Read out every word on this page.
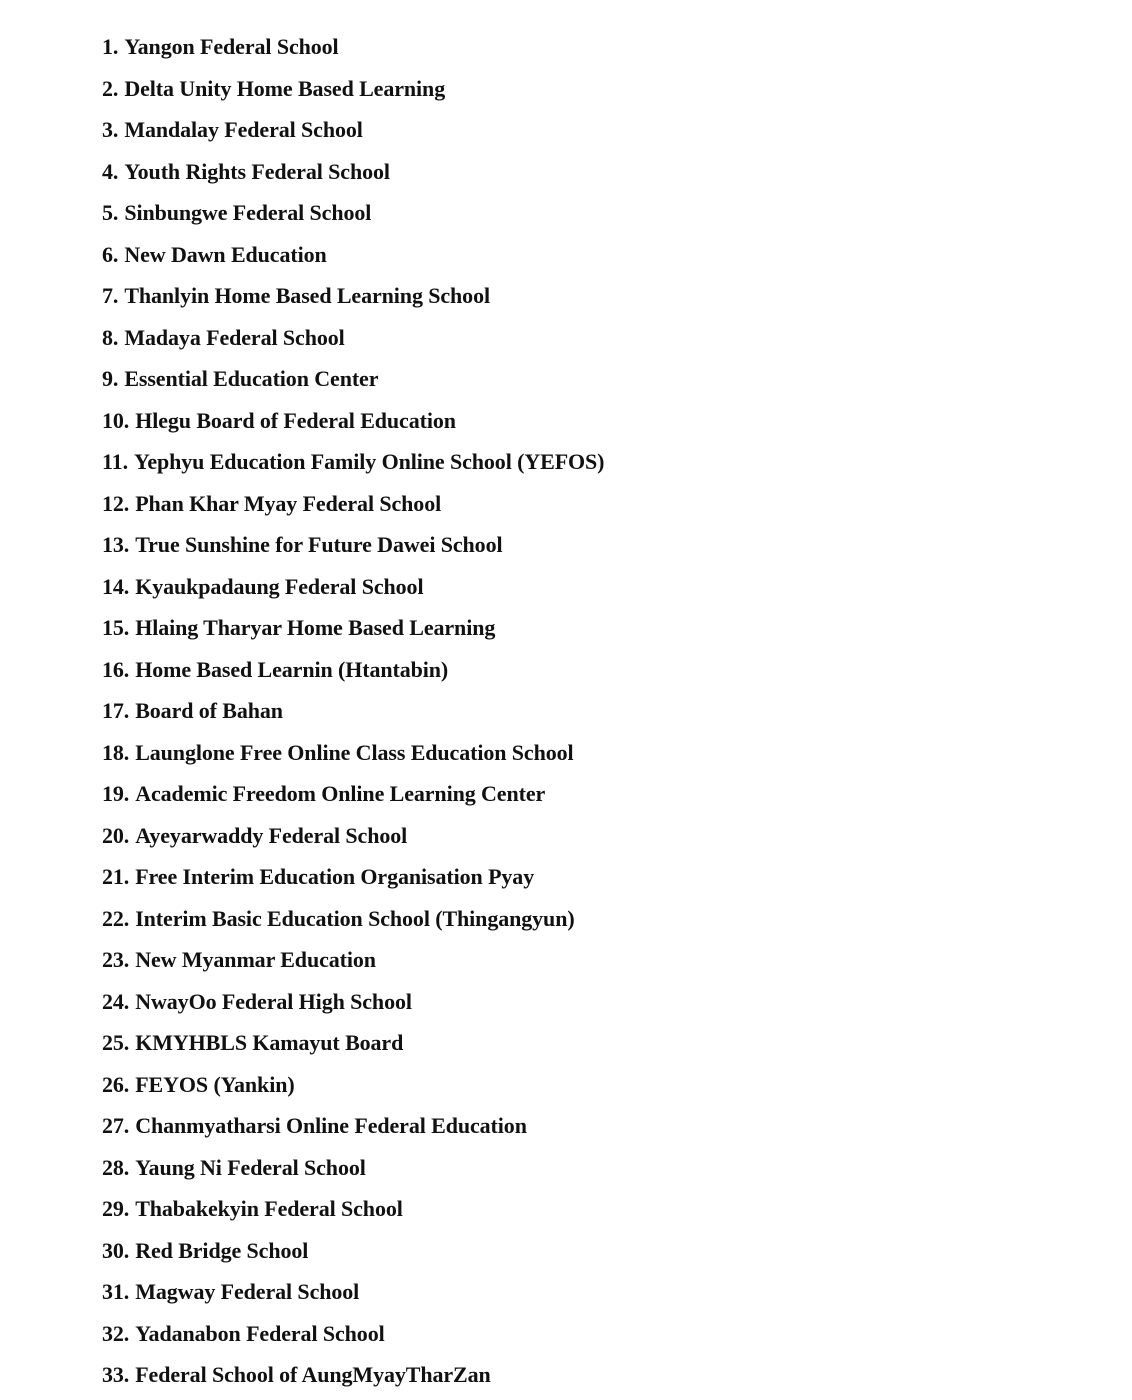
1. Yangon Federal School
2. Delta Unity Home Based Learning
3. Mandalay Federal School
4. Youth Rights Federal School
5. Sinbungwe Federal School
6. New Dawn Education
7. Thanlyin Home Based Learning School
8. Madaya Federal School
9. Essential Education Center
10. Hlegu Board of Federal Education
11. Yephyu Education Family Online School (YEFOS)
12. Phan Khar Myay Federal School
13. True Sunshine for Future Dawei School
14. Kyaukpadaung Federal School
15. Hlaing Tharyar Home Based Learning
16. Home Based Learnin (Htantabin)
17. Board of Bahan
18. Launglone Free Online Class Education School
19. Academic Freedom Online Learning Center
20. Ayeyarwaddy Federal School
21. Free Interim Education Organisation Pyay
22. Interim Basic Education School (Thingangyun)
23. New Myanmar Education
24. NwayOo Federal High School
25. KMYHBLS Kamayut Board
26. FEYOS (Yankin)
27. Chanmyatharsi Online Federal Education
28. Yaung Ni Federal School
29. Thabakekyin Federal School
30. Red Bridge School
31. Magway Federal School
32. Yadanabon Federal School
33. Federal School of AungMyayTharZan
